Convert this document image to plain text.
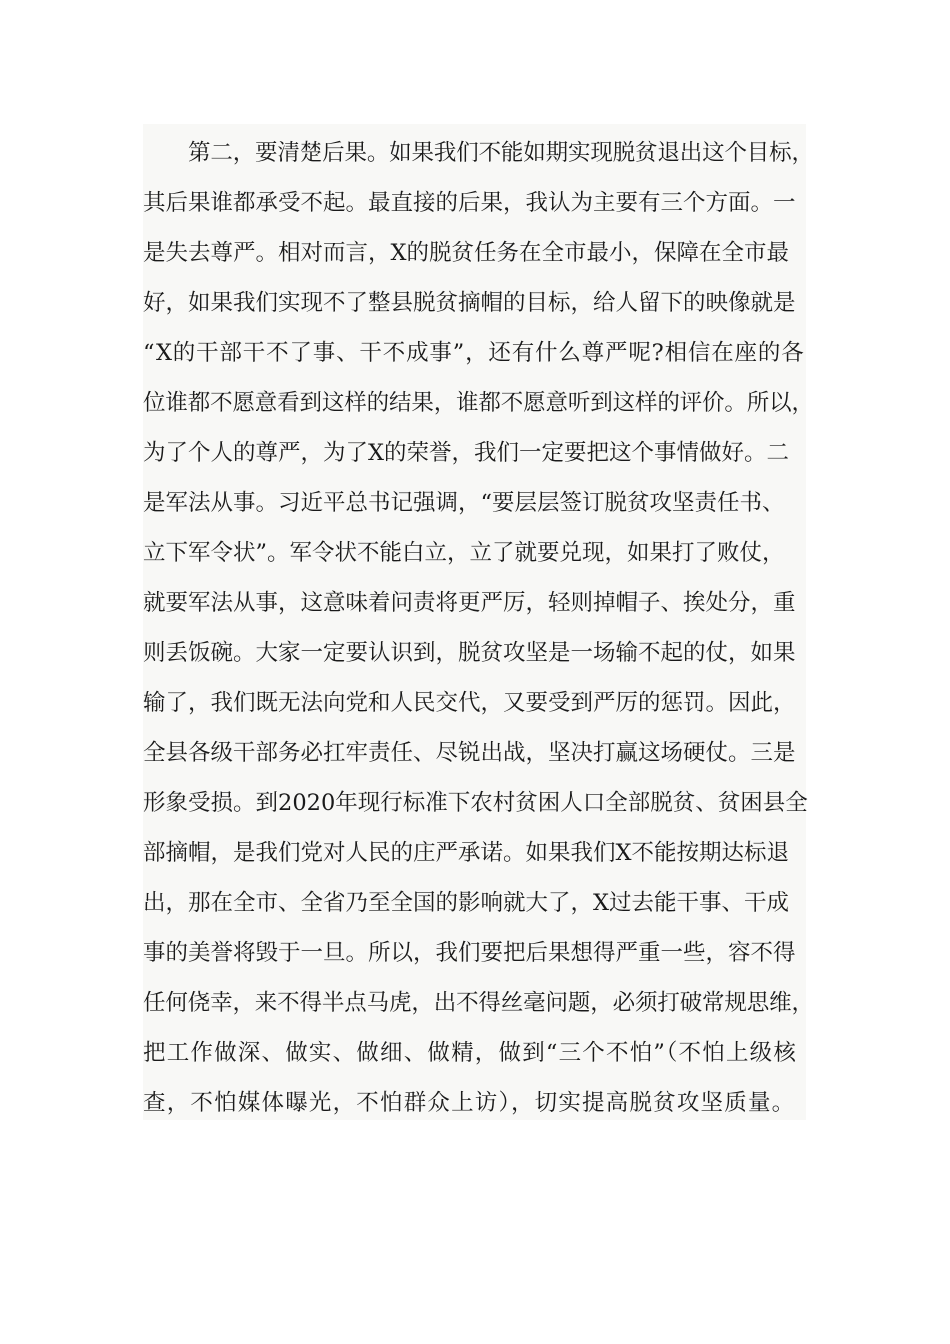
第二，要清楚后果。如果我们不能如期实现脱贫退出这个目标，
其后果谁都承受不起。最直接的后果，我认为主要有三个方面。一
是失去尊严。相对而言，X的脱贫任务在全市最小，保障在全市最
好，如果我们实现不了整县脱贫摘帽的目标，给人留下的映像就是
“X的干部干不了事、干不成事”，还有什么尊严呢?相信在座的各
位谁都不愿意看到这样的结果，谁都不愿意听到这样的评价。所以，
为了个人的尊严，为了X的荣誉，我们一定要把这个事情做好。二
是军法从事。习近平总书记强调，“要层层签订脱贫攻坚责任书、
立下军令状”。军令状不能白立，立了就要兑现，如果打了败仗，
就要军法从事，这意味着问责将更严厉，轻则掉帽子、挨处分，重
则丢饭碗。大家一定要认识到，脱贫攻坚是一场输不起的仗，如果
输了，我们既无法向党和人民交代，又要受到严厉的惩罚。因此，
全县各级干部务必扛牢责任、尽锐出战，坚决打赢这场硬仗。三是
形象受损。到2020年现行标准下农村贫困人口全部脱贫、贫困县全
部摘帽，是我们党对人民的庄严承诺。如果我们X不能按期达标退
出，那在全市、全省乃至全国的影响就大了，X过去能干事、干成
事的美誉将毁于一旦。所以，我们要把后果想得严重一些，容不得
任何侥幸，来不得半点马虎，出不得丝毫问题，必须打破常规思维，
把工作做深、做实、做细、做精，做到“三个不怕”（不怕上级核
查，不怕媒体曝光，不怕群众上访），切实提高脱贫攻坚质量。
